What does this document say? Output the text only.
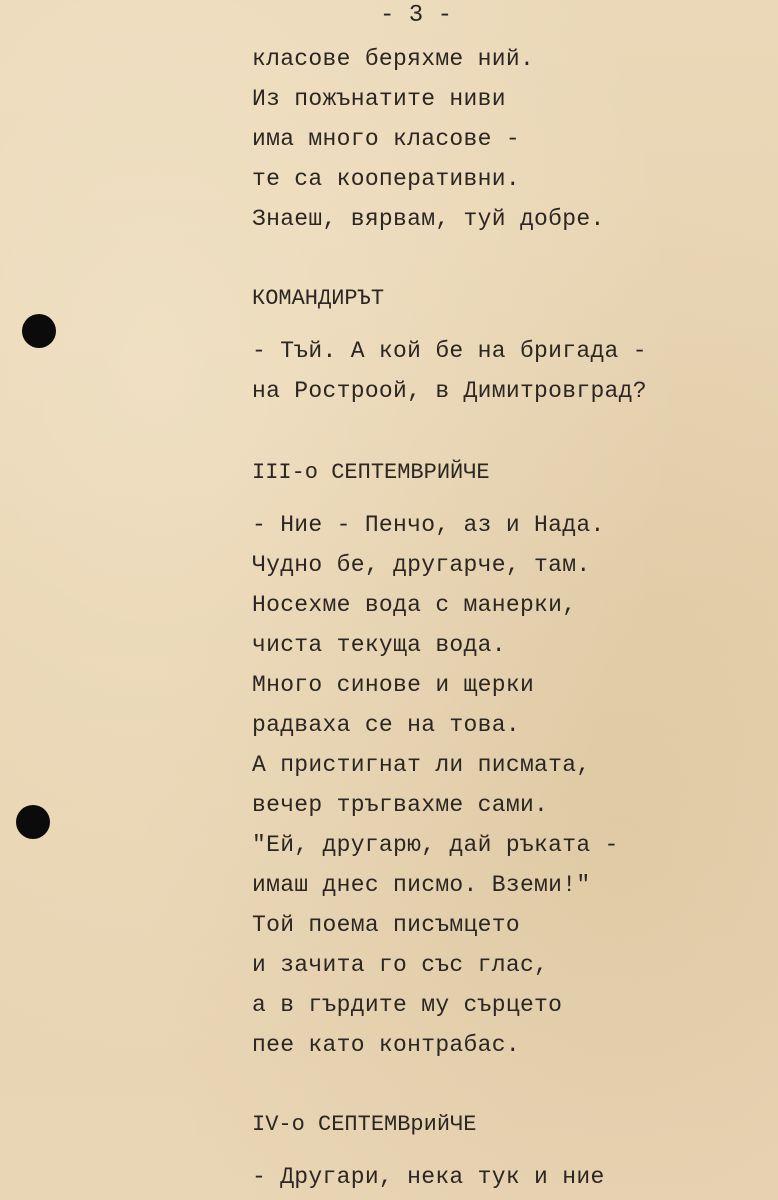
- 3 -
класове беряхме ний.
Из пожънатите ниви
има много класове -
те са кооперативни.
Знаеш, вярвам, туй добре.
КОМАНДИРЪТ
- Тъй. А кой бе на бригада -
на Ростроой, в Димитровград?
III-о СЕПТЕМВРИЙЧЕ
- Ние - Пенчо, аз и Нада.
Чудно бе, другарче, там.
Носехме вода с манерки,
чиста текуща вода.
Много синове и щерки
радваха се на това.
А пристигнат ли писмата,
вечер тръгвахме сами.
"Ей, другарю, дай ръката -
имаш днес писмо. Вземи!"
Той поема писъмцето
и зачита го със глас,
а в гърдите му сърцето
пее като контрабас.
IV-о СЕПТЕМВрийЧЕ
- Другари, нека тук и ние
